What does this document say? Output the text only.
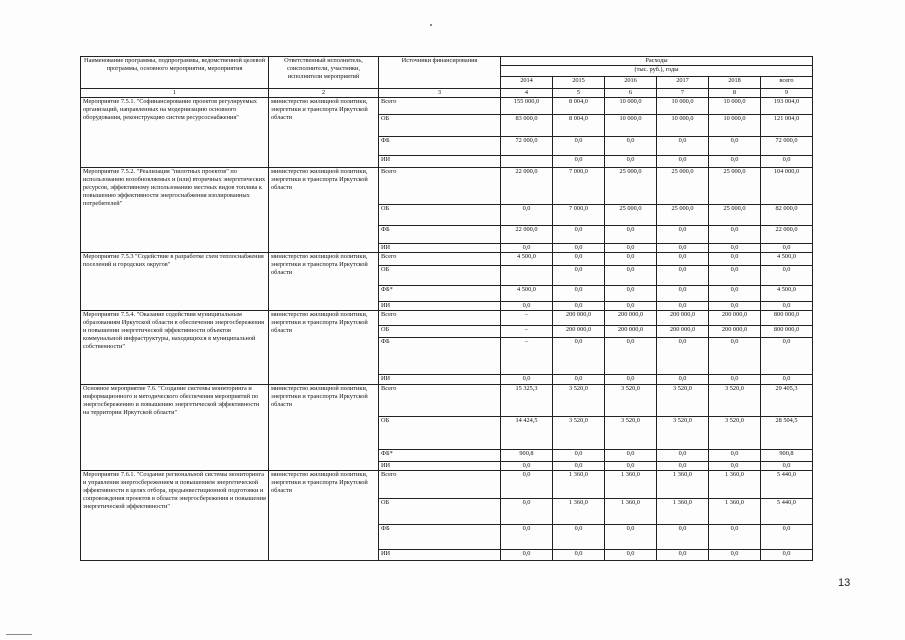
Наименование программы, подпрограммы, ведомственной целевой программы, основного мероприятия, мероприятия	Ответственный исполнитель, соисполнители, участники, исполнители мероприятий	Источники финансирования	Расходы					
			(тыс. руб.), годы					
			2014	2015	2016	2017	2018	всего
1	2	3	4	5	6	7	8	9
Мероприятие 7.5.1. "Софинансирование проектов регулируемых организаций, направленных на модернизацию основного оборудования, реконструкцию систем ресурсоснабжения"	министерство жилищной политики, энергетики и транспорта Иркутской области	Всего	155 000,0	8 004,0	10 000,0	10 000,0	10 000,0	193 004,0
		ОБ	83 000,0	8 004,0	10 000,0	10 000,0	10 000,0	121 004,0
		ФБ	72 000,0	0,0	0,0	0,0	0,0	72 000,0
		ИИ		0,0	0,0	0,0	0,0	0,0
Мероприятие 7.5.2. "Реализация "пилотных проектов" по использованию возобновляемых и (или) вторичных энергетических ресурсов, эффективному использованию местных видов топлива к повышению эффективности энергоснабжения изолированных потребителей"	министерство жилищной политики, энергетики и транспорта Иркутской области	Всего	22 000,0	7 000,0	25 000,0	25 000,0	25 000,0	104 000,0
		ОБ	0,0	7 000,0	25 000,0	25 000,0	25 000,0	82 000,0
		ФБ	22 000,0	0,0	0,0	0,0	0,0	22 000,0
		ИИ	0,0	0,0	0,0	0,0	0,0	0,0
Мероприятие 7.5.3 "Содействие в разработке схем теплоснабжения поселений и городских округов"	министерство жилищной политики, энергетики и транспорта Иркутской области	Всего	4 500,0	0,0	0,0	0,0	0,0	4 500,0
		ОБ		0,0	0,0	0,0	0,0	0,0
		ФБ*	4 500,0	0,0	0,0	0,0	0,0	4 500,0
		ИИ	0,0	0,0	0,0	0,0	0,0	0,0
Мероприятие 7.5.4. "Оказание содействия муниципальным образованиям Иркутской области в обеспечении энергосбережения и повышении энергетической эффективности объектов коммунальной инфраструктуры, находящихся в муниципальной собственности"	министерство жилищной политики, энергетики и транспорта Иркутской области	Всего	–	200 000,0	200 000,0	200 000,0	200 000,0	800 000,0
		ОБ	–	200 000,0	200 000,0	200 000,0	200 000,0	800 000,0
		ФБ	–	0,0	0,0	0,0	0,0	0,0
		ИИ	0,0	0,0	0,0	0,0	0,0	0,0
Основное мероприятие 7.6. "Создание системы мониторинга и информационного и методического обеспечения мероприятий по энергосбережению и повышению энергетической эффективности на территории Иркутской области"	министерство жилищной политики, энергетики и транспорта Иркутской области	Всего	15 325,3	3 520,0	3 520,0	3 520,0	3 520,0	29 405,3
		ОБ	14 424,5	3 520,0	3 520,0	3 520,0	3 520,0	28 504,5
		ФБ*	900,8	0,0	0,0	0,0	0,0	900,8
		ИИ	0,0	0,0	0,0	0,0	0,0	0,0
Мероприятие 7.6.1. "Создание региональной системы мониторинга и управления энергосбережением и повышением энергетической эффективности в целях отбора, предынвестиционной подготовки и сопровождения проектов в области энергосбережения и повышения энергетической эффективности"	министерство жилищной политики, энергетики и транспорта Иркутской области	Всего	0,0	1 360,0	1 360,0	1 360,0	1 360,0	5 440,0
		ОБ	0,0	1 360,0	1 360,0	1 360,0	1 360,0	5 440,0
		ФБ	0,0	0,0	0,0	0,0	0,0	0,0
		ИИ	0,0	0,0	0,0	0,0	0,0	0,0
13
